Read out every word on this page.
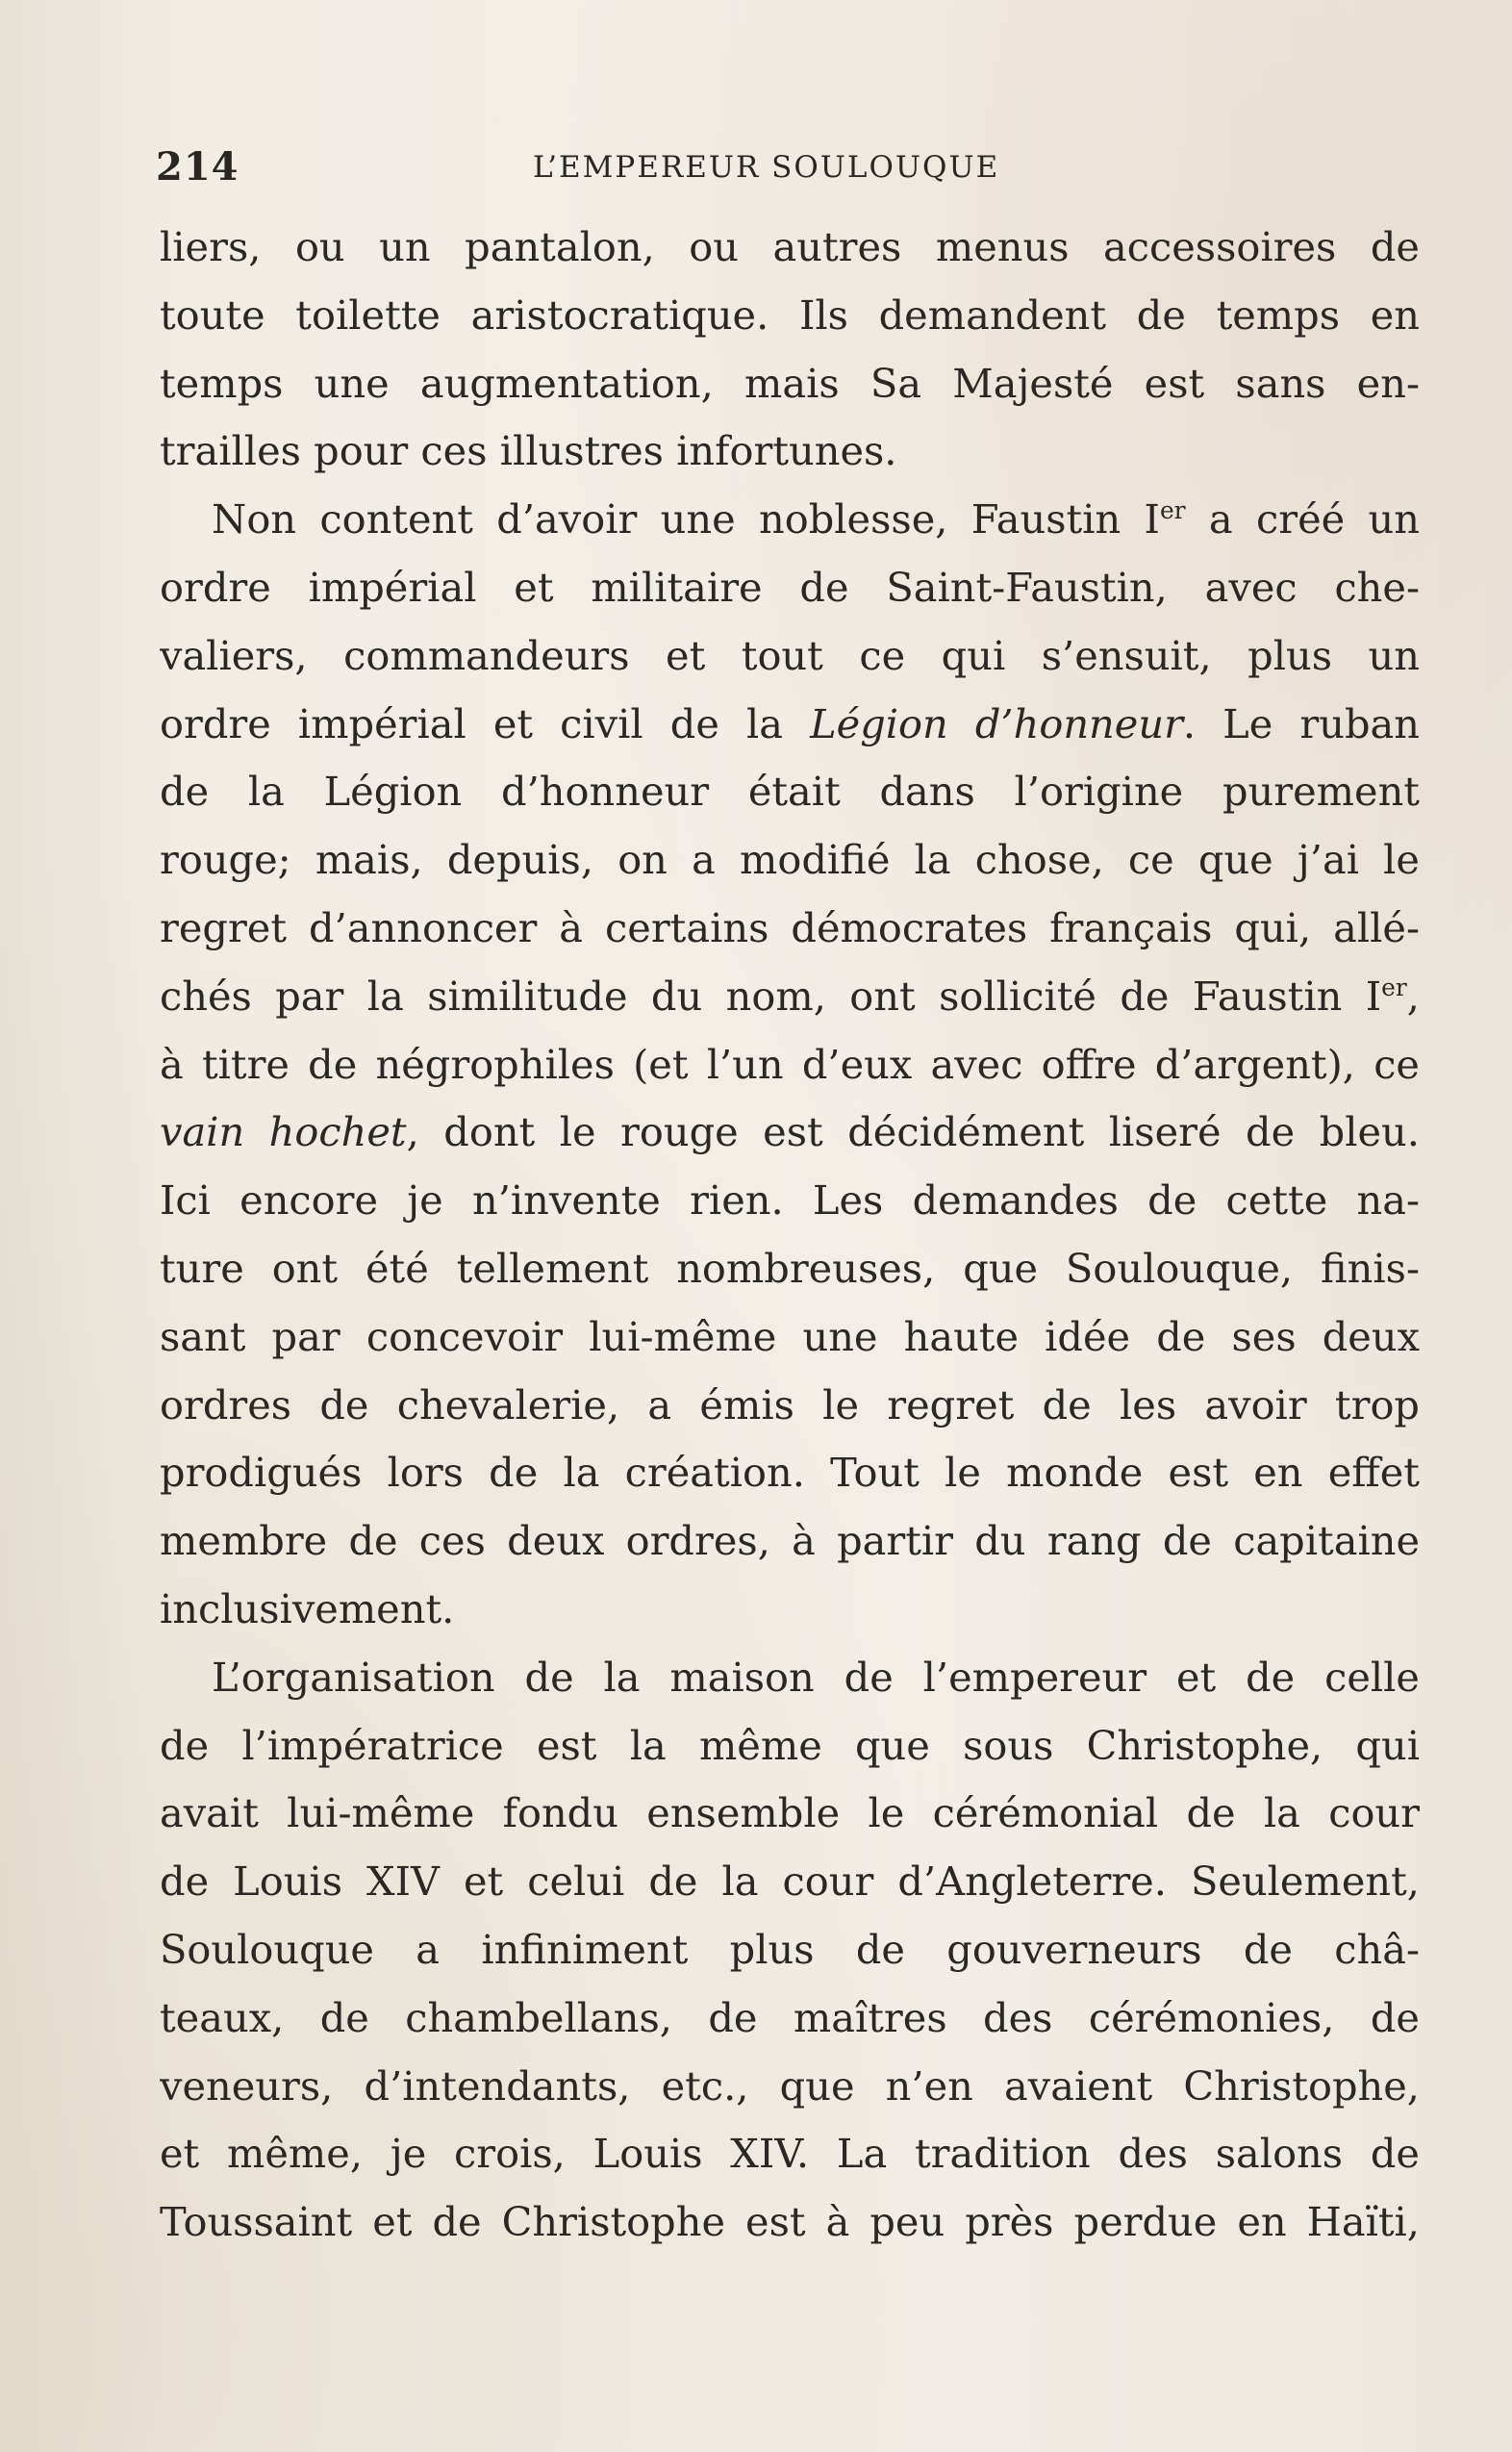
214	L’EMPEREUR SOULOUQUE
liers, ou un pantalon, ou autres menus accessoires de
toute toilette aristocratique. Ils demandent de temps en
temps une augmentation, mais Sa Majesté est sans en-
trailles pour ces illustres infortunes.
Non content d’avoir une noblesse, Faustin Ier a créé un
ordre impérial et militaire de Saint-Faustin, avec che-
valiers, commandeurs et tout ce qui s’ensuit, plus un
ordre impérial et civil de la Légion d’honneur. Le ruban
de la Légion d’honneur était dans l’origine purement
rouge; mais, depuis, on a modifié la chose, ce que j’ai le
regret d’annoncer à certains démocrates français qui, allé-
chés par la similitude du nom, ont sollicité de Faustin Ier,
à titre de négrophiles (et l’un d’eux avec offre d’argent), ce
vain hochet, dont le rouge est décidément liseré de bleu.
Ici encore je n’invente rien. Les demandes de cette na-
ture ont été tellement nombreuses, que Soulouque, finis-
sant par concevoir lui-même une haute idée de ses deux
ordres de chevalerie, a émis le regret de les avoir trop
prodigués lors de la création. Tout le monde est en effet
membre de ces deux ordres, à partir du rang de capitaine
inclusivement.
L’organisation de la maison de l’empereur et de celle
de l’impératrice est la même que sous Christophe, qui
avait lui-même fondu ensemble le cérémonial de la cour
de Louis XIV et celui de la cour d’Angleterre. Seulement,
Soulouque a infiniment plus de gouverneurs de châ-
teaux, de chambellans, de maîtres des cérémonies, de
veneurs, d’intendants, etc., que n’en avaient Christophe,
et même, je crois, Louis XIV. La tradition des salons de
Toussaint et de Christophe est à peu près perdue en Haïti,
